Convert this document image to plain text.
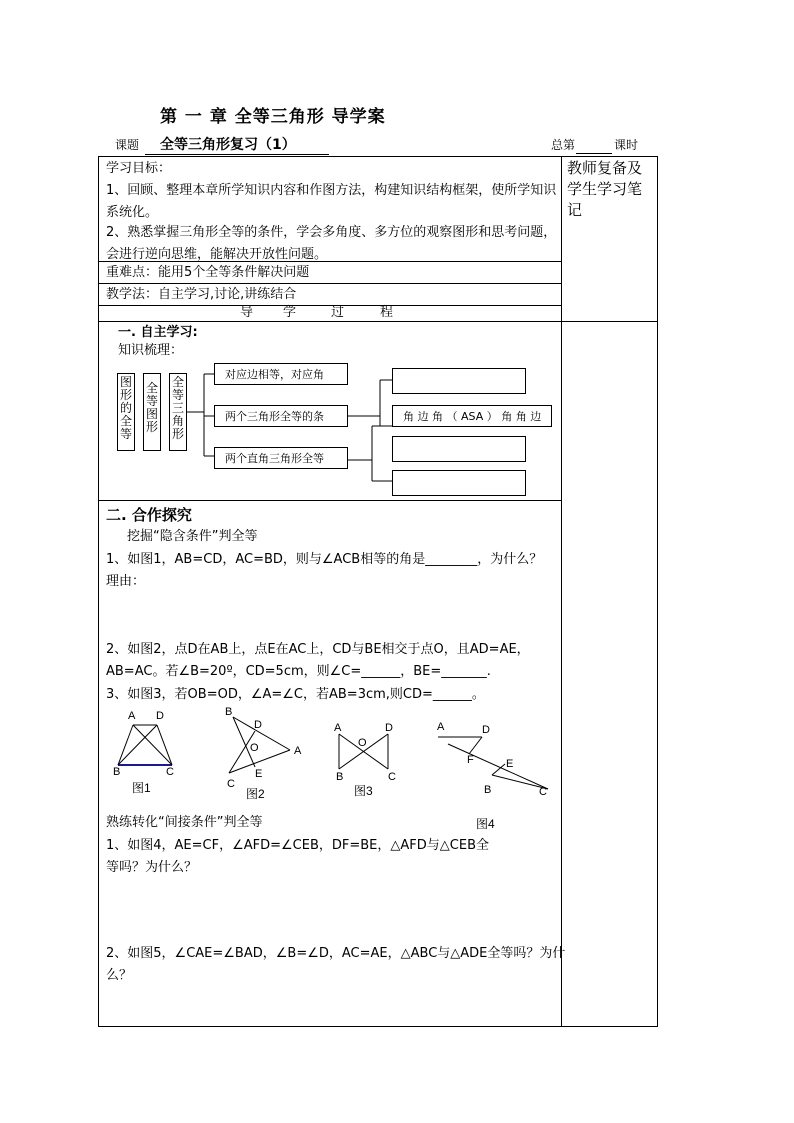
第 一 章 全等三角形 导学案
课题 全等三角形复习（1）	总第	课时
教师复备及学生学习笔记
学习目标：
1、回顾、整理本章所学知识内容和作图方法，构建知识结构框架，使所学知识系统化。
2、熟悉掌握三角形全等的条件，学会多角度、多方位的观察图形和思考问题，会进行逆向思维，能解决开放性问题。
重难点：能用5个全等条件解决问题
教学法：自主学习,讨论,讲练结合
导 学	过	程
一. 自主学习:
知识梳理：
图形的全等
全等图形
全等三角形
对应边相等，对应角
两个三角形全等的条
两个直角三角形全等
角 边 角 （ ASA ） 角 角 边
二. 合作探究
挖掘“隐含条件”判全等
1、如图1，AB=CD，AC=BD，则与∠ACB相等的角是________，为什么？
理由：
2、如图2，点D在AB上，点E在AC上，CD与BE相交于点O，且AD=AE，
AB=AC。若∠B=20º，CD=5cm，则∠C=______，BE=_______.
3、如图3，若OB=OD，∠A=∠C，若AB=3cm,则CD=______。
A D
B	C
图1
B
D
O	A
E
C
图2
A	D
O
B	C
图3
A	D
F	E
B	C
图4
熟练转化“间接条件”判全等
1、如图4，AE=CF，∠AFD=∠CEB，DF=BE，△AFD与△CEB全
等吗？为什么？
2、如图5，∠CAE=∠BAD，∠B=∠D，AC=AE，△ABC与△ADE全等吗？为什
么？
